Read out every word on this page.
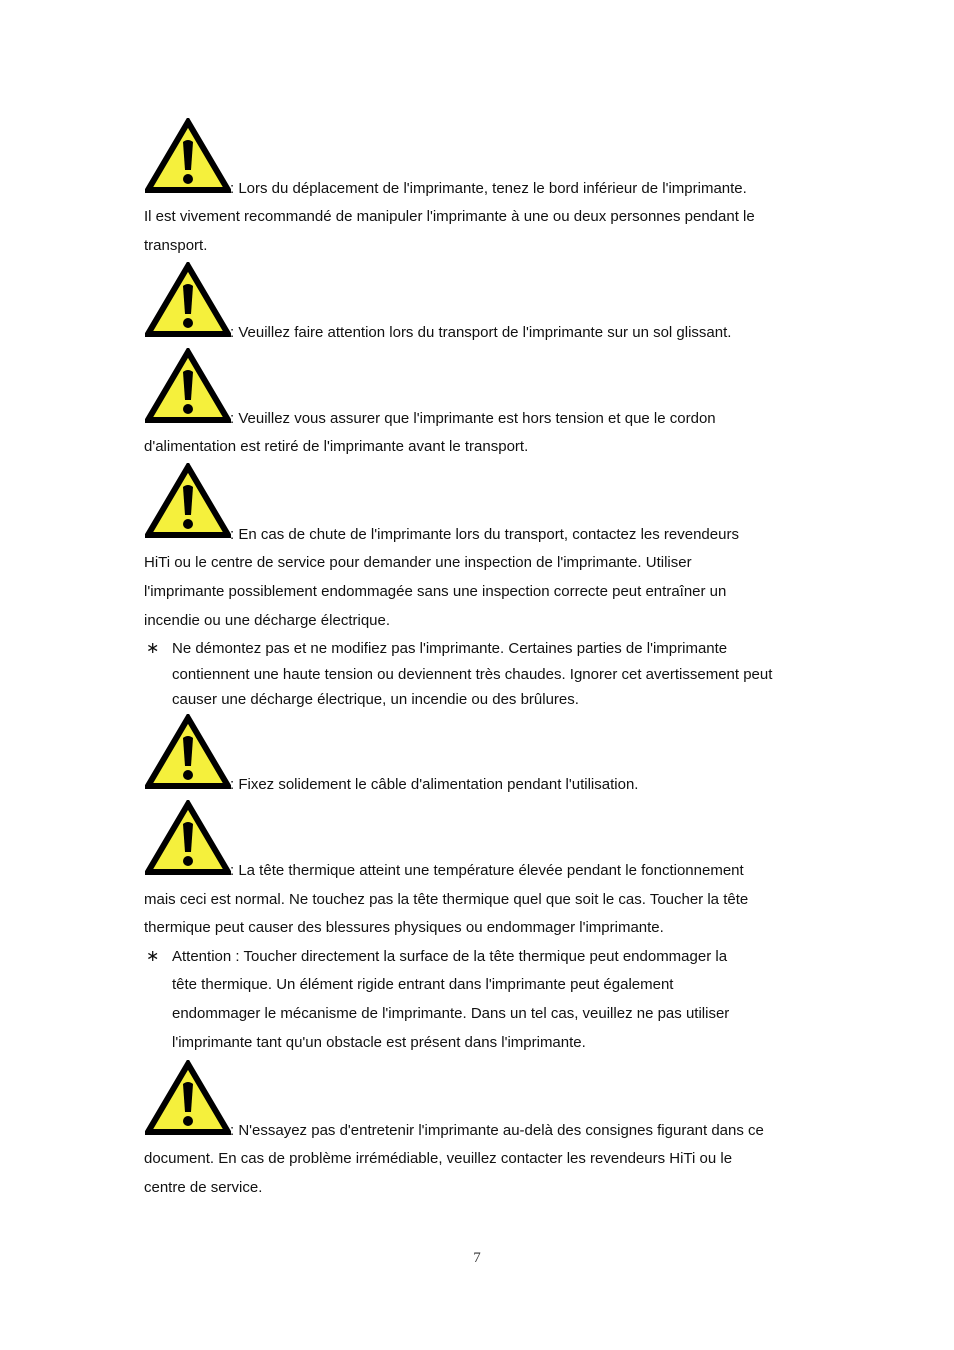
: Lors du déplacement de l'imprimante, tenez le bord inférieur de l'imprimante.
Il est vivement recommandé de manipuler l'imprimante à une ou deux personnes pendant le
transport.
: Veuillez faire attention lors du transport de l'imprimante sur un sol glissant.
: Veuillez vous assurer que l'imprimante est hors tension et que le cordon
d'alimentation est retiré de l'imprimante avant le transport.
: En cas de chute de l'imprimante lors du transport, contactez les revendeurs
HiTi ou le centre de service pour demander une inspection de l'imprimante. Utiliser
l'imprimante possiblement endommagée sans une inspection correcte peut entraîner un
incendie ou une décharge électrique.
∗ Ne démontez pas et ne modifiez pas l'imprimante. Certaines parties de l'imprimante
contiennent une haute tension ou deviennent très chaudes. Ignorer cet avertissement peut
causer une décharge électrique, un incendie ou des brûlures.
: Fixez solidement le câble d'alimentation pendant l'utilisation.
: La tête thermique atteint une température élevée pendant le fonctionnement
mais ceci est normal. Ne touchez pas la tête thermique quel que soit le cas. Toucher la tête
thermique peut causer des blessures physiques ou endommager l'imprimante.
∗ Attention : Toucher directement la surface de la tête thermique peut endommager la
tête thermique. Un élément rigide entrant dans l'imprimante peut également
endommager le mécanisme de l'imprimante. Dans un tel cas, veuillez ne pas utiliser
l'imprimante tant qu'un obstacle est présent dans l'imprimante.
: N'essayez pas d'entretenir l'imprimante au-delà des consignes figurant dans ce
document. En cas de problème irrémédiable, veuillez contacter les revendeurs HiTi ou le
centre de service.
7
